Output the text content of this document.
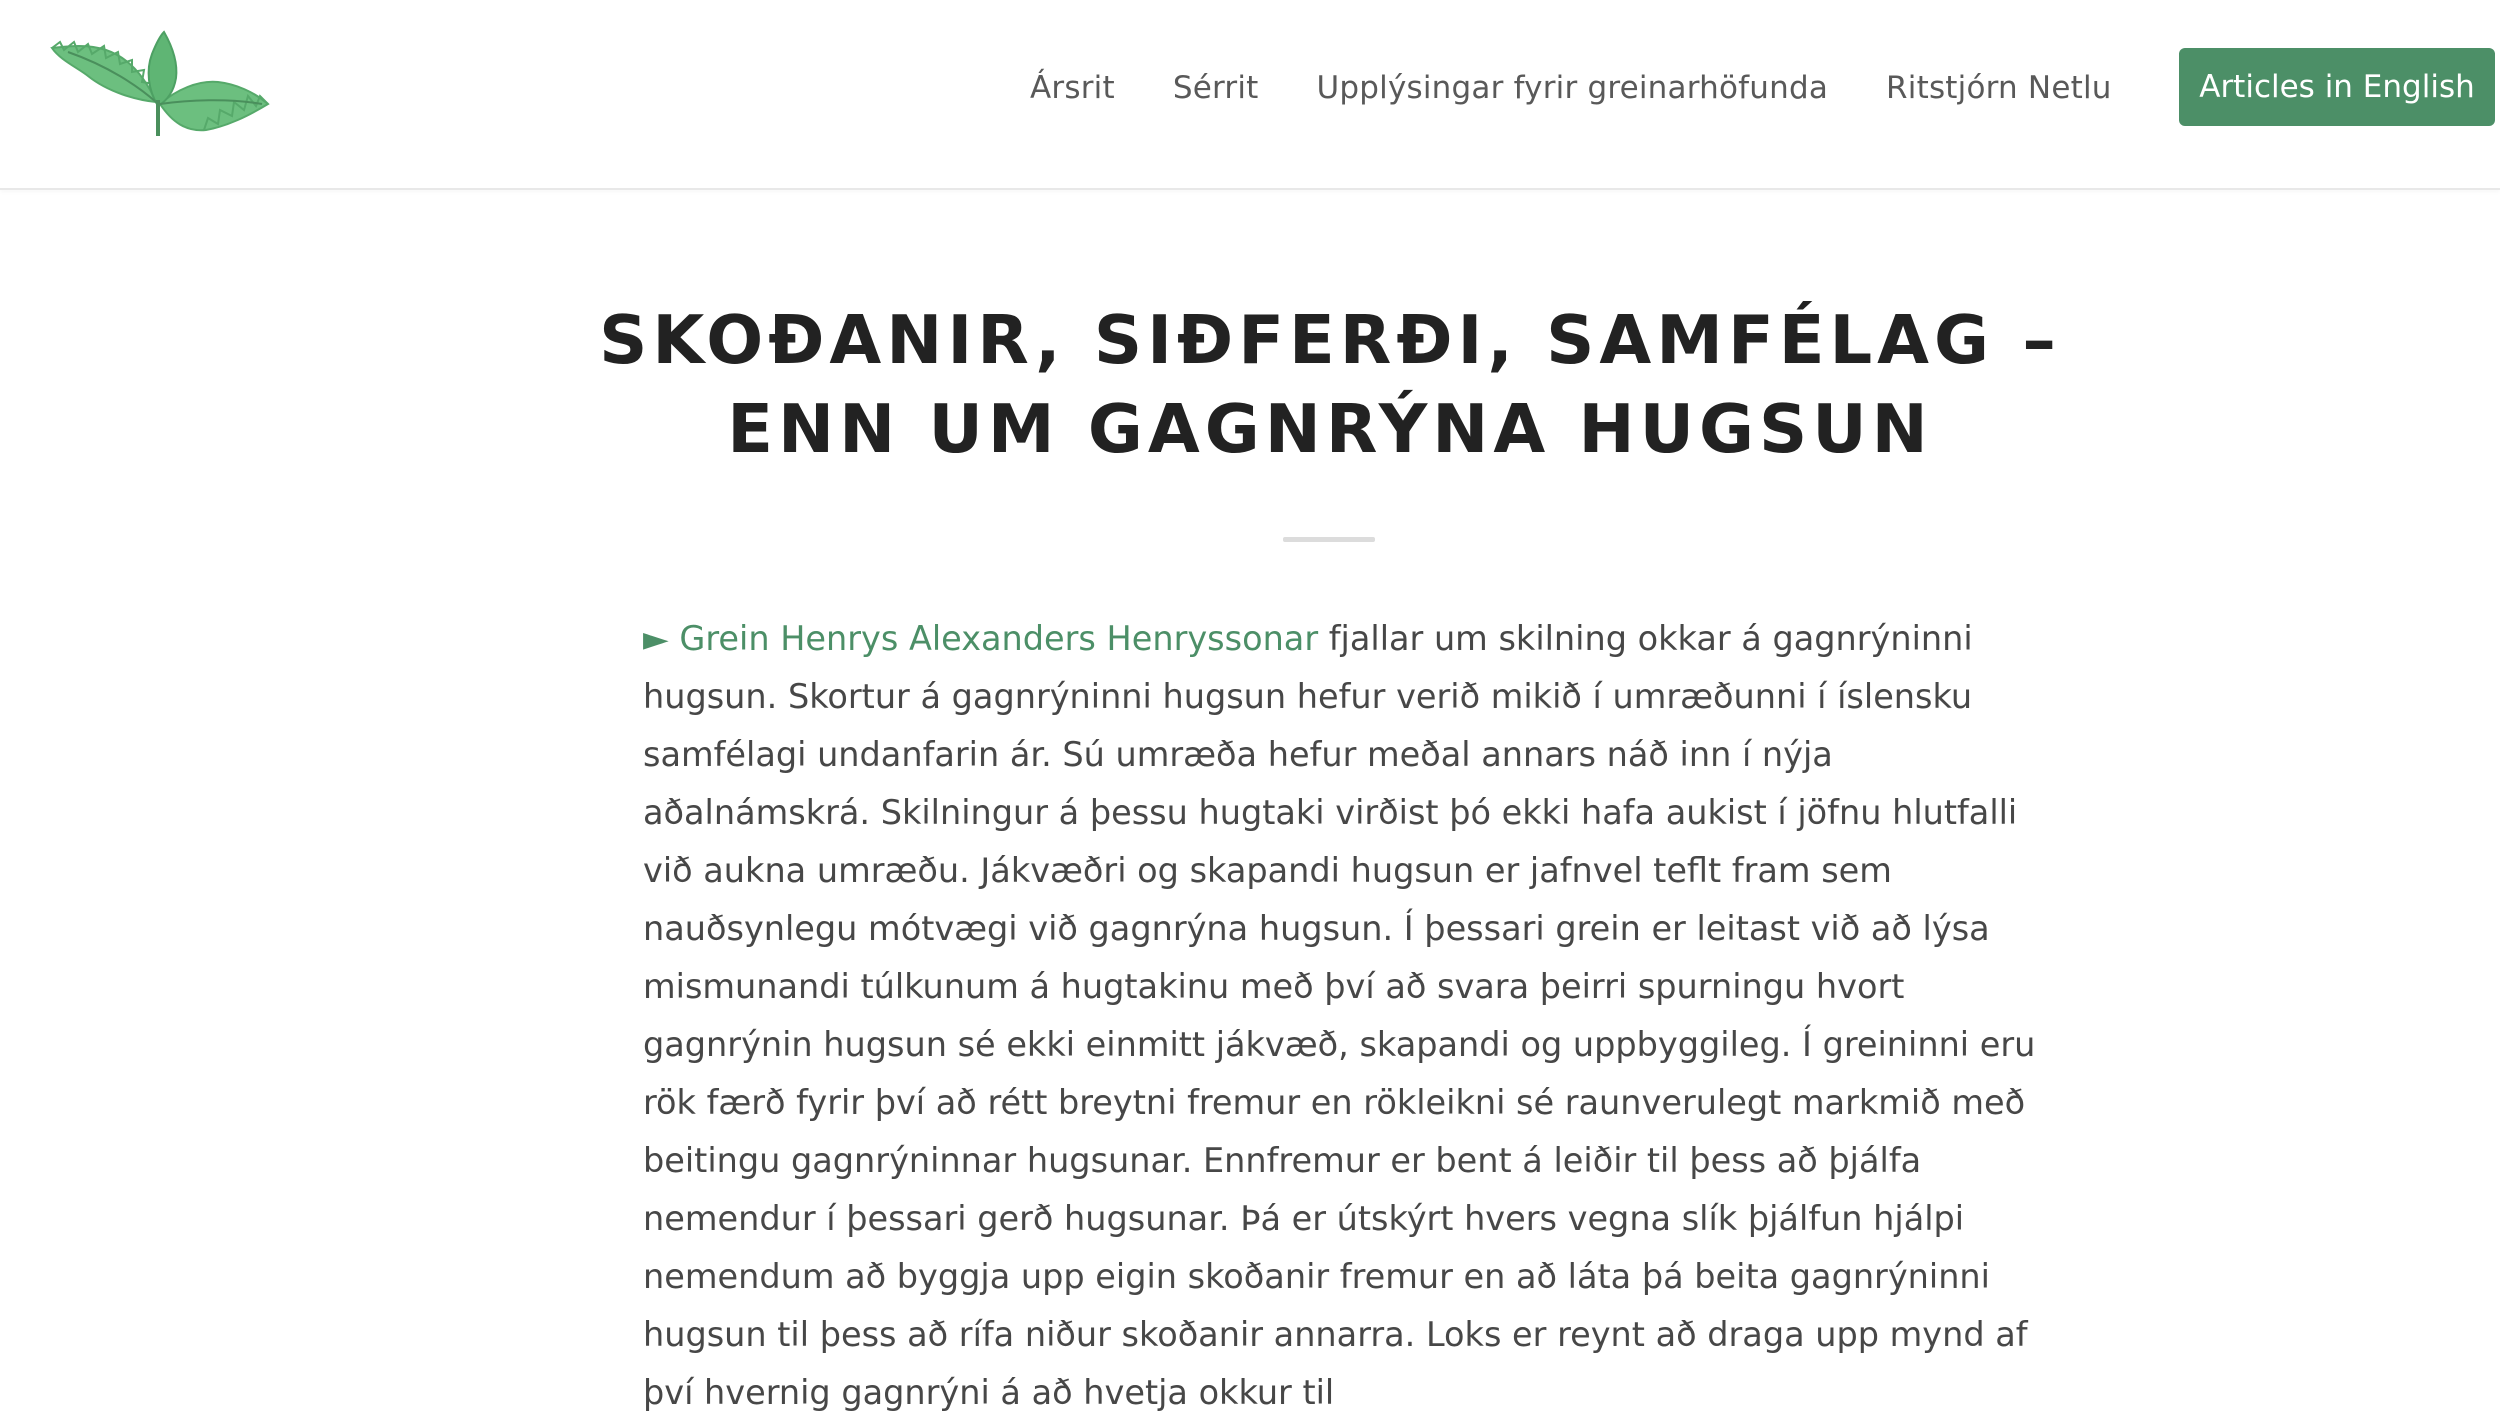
Ársrit Sérrit Upplýsingar fyrir greinarhöfunda Ritstjórn Netlu	Articles in English
SKOÐANIR, SIÐFERÐI, SAMFÉLAG – ENN UM GAGNRÝNA HUGSUN

► Grein Henrys Alexanders Henryssonar fjallar um skilning okkar á gagnrýninni hugsun. Skortur á gagnrýninni hugsun hefur verið mikið í umræðunni í íslensku samfélagi undanfarin ár. Sú umræða hefur meðal annars náð inn í nýja aðalnámskrá. Skilningur á þessu hugtaki virðist þó ekki hafa aukist í jöfnu hlutfalli við aukna umræðu. Jákvæðri og skapandi hugsun er jafnvel teflt fram sem nauðsynlegu mótvægi við gagnrýna hugsun. Í þessari grein er leitast við að lýsa mismunandi túlkunum á hugtakinu með því að svara þeirri spurningu hvort gagnrýnin hugsun sé ekki einmitt jákvæð, skapandi og uppbyggileg. Í greininni eru rök færð fyrir því að rétt breytni fremur en rökleikni sé raunverulegt markmið með beitingu gagnrýninnar hugsunar. Ennfremur er bent á leiðir til þess að þjálfa nemendur í þessari gerð hugsunar. Þá er útskýrt hvers vegna slík þjálfun hjálpi nemendum að byggja upp eigin skoðanir fremur en að láta þá beita gagnrýninni hugsun til þess að rífa niður skoðanir annarra. Loks er reynt að draga upp mynd af því hvernig gagnrýni á að hvetja okkur til
